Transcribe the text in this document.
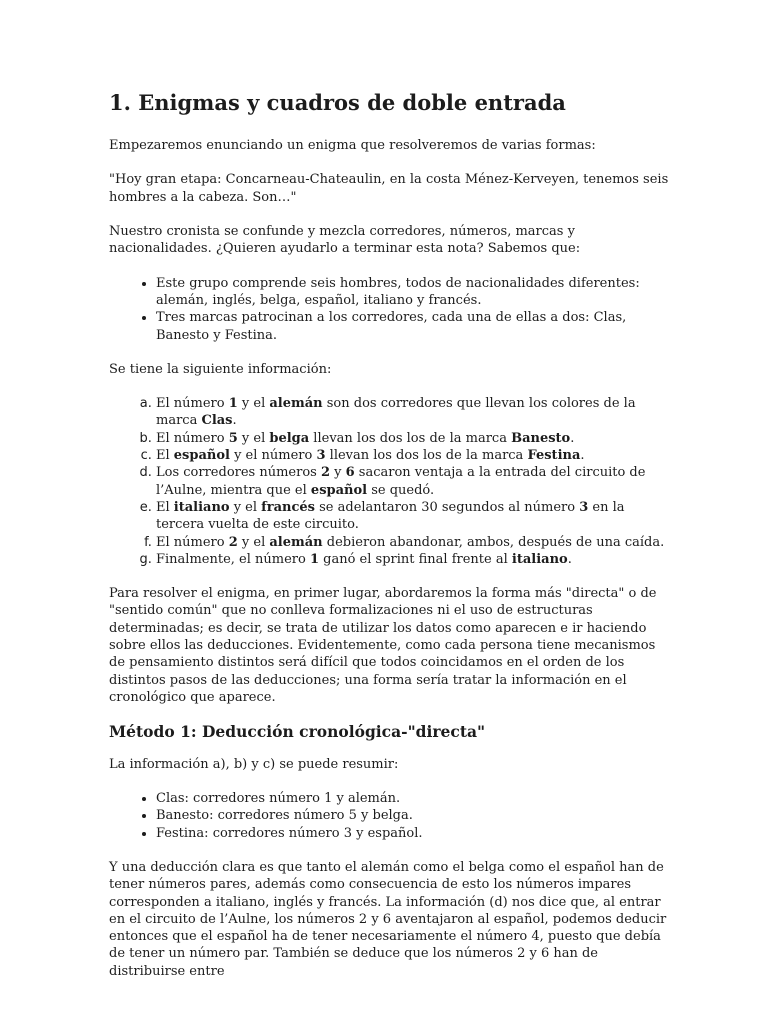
1. Enigmas y cuadros de doble entrada

Empezaremos enunciando un enigma que resolveremos de varias formas:

"Hoy gran etapa: Concarneau-Chateaulin, en la costa Ménez-Kerveyen, tenemos seis hombres a la cabeza. Son…"

Nuestro cronista se confunde y mezcla corredores, números, marcas y nacionalidades. ¿Quieren ayudarlo a terminar esta nota? Sabemos que:

• Este grupo comprende seis hombres, todos de nacionalidades diferentes: alemán, inglés, belga, español, italiano y francés.
• Tres marcas patrocinan a los corredores, cada una de ellas a dos: Clas, Banesto y Festina.

Se tiene la siguiente información:

a. El número 1 y el alemán son dos corredores que llevan los colores de la marca Clas.
b. El número 5 y el belga llevan los dos los de la marca Banesto.
c. El español y el número 3 llevan los dos los de la marca Festina.
d. Los corredores números 2 y 6 sacaron ventaja a la entrada del circuito de l’Aulne, mientra que el español se quedó.
e. El italiano y el francés se adelantaron 30 segundos al número 3 en la tercera vuelta de este circuito.
f. El número 2 y el alemán debieron abandonar, ambos, después de una caída.
g. Finalmente, el número 1 ganó el sprint final frente al italiano.

Para resolver el enigma, en primer lugar, abordaremos la forma más "directa" o de "sentido común" que no conlleva formalizaciones ni el uso de estructuras determinadas; es decir, se trata de utilizar los datos como aparecen e ir haciendo sobre ellos las deducciones. Evidentemente, como cada persona tiene mecanismos de pensamiento distintos será difícil que todos coincidamos en el orden de los distintos pasos de las deducciones; una forma sería tratar la información en el cronológico que aparece.

Método 1: Deducción cronológica-"directa"

La información a), b) y c) se puede resumir:

• Clas: corredores número 1 y alemán.
• Banesto: corredores número 5 y belga.
• Festina: corredores número 3 y español.

Y una deducción clara es que tanto el alemán como el belga como el español han de tener números pares, además como consecuencia de esto los números impares corresponden a italiano, inglés y francés. La información (d) nos dice que, al entrar en el circuito de l’Aulne, los números 2 y 6 aventajaron al español, podemos deducir entonces que el español ha de tener necesariamente el número 4, puesto que debía de tener un número par. También se deduce que los números 2 y 6 han de distribuirse entre
